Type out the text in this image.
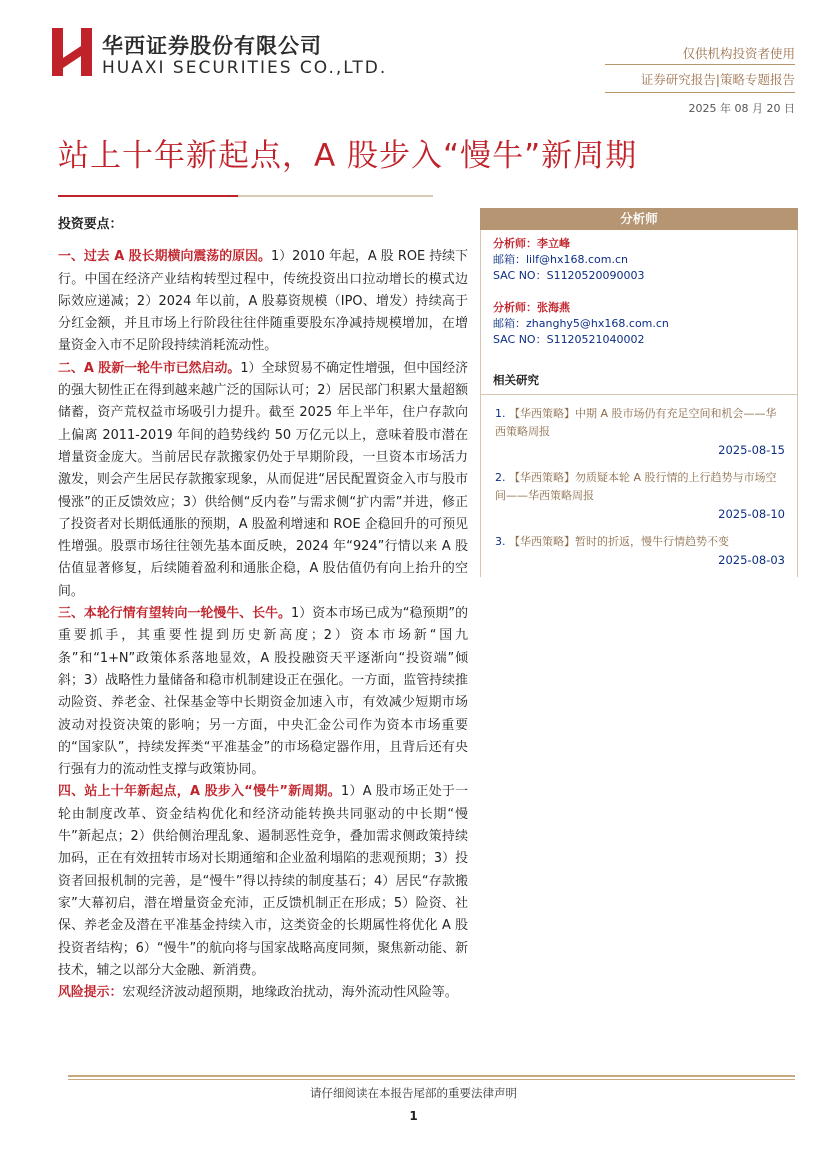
华西证券股份有限公司
HUAXI SECURITIES CO.,LTD.
仅供机构投资者使用
证券研究报告|策略专题报告
2025 年 08 月 20 日
站上十年新起点，A 股步入“慢牛”新周期
投资要点：

一、过去 A 股长期横向震荡的原因。1）2010 年起，A 股 ROE 持续下行。中国在经济产业结构转型过程中，传统投资出口拉动增长的模式边际效应递减；2）2024 年以前，A 股募资规模（IPO、增发）持续高于分红金额，并且市场上行阶段往往伴随重要股东净减持规模增加，在增量资金入市不足阶段持续消耗流动性。

二、A 股新一轮牛市已然启动。1）全球贸易不确定性增强，但中国经济的强大韧性正在得到越来越广泛的国际认可；2）居民部门积累大量超额储蓄，资产荒权益市场吸引力提升。截至 2025 年上半年，住户存款向上偏离 2011-2019 年间的趋势线约 50 万亿元以上，意味着股市潜在增量资金庞大。当前居民存款搬家仍处于早期阶段，一旦资本市场活力激发，则会产生居民存款搬家现象，从而促进“居民配置资金入市与股市慢涨”的正反馈效应；3）供给侧“反内卷”与需求侧“扩内需”并进，修正了投资者对长期低通胀的预期，A 股盈利增速和 ROE 企稳回升的可预见性增强。股票市场往往领先基本面反映，2024 年“924”行情以来 A 股估值显著修复，后续随着盈利和通胀企稳，A 股估值仍有向上抬升的空间。

三、本轮行情有望转向一轮慢牛、长牛。1）资本市场已成为“稳预期”的重要抓手，其重要性提到历史新高度；2）资本市场新“国九条”和“1+N”政策体系落地显效，A 股投融资天平逐渐向“投资端”倾斜；3）战略性力量储备和稳市机制建设正在强化。一方面，监管持续推动险资、养老金、社保基金等中长期资金加速入市，有效减少短期市场波动对投资决策的影响；另一方面，中央汇金公司作为资本市场重要的“国家队”，持续发挥类“平准基金”的市场稳定器作用，且背后还有央行强有力的流动性支撑与政策协同。

四、站上十年新起点，A 股步入“慢牛”新周期。1）A 股市场正处于一轮由制度改革、资金结构优化和经济动能转换共同驱动的中长期“慢牛”新起点；2）供给侧治理乱象、遏制恶性竞争，叠加需求侧政策持续加码，正在有效扭转市场对长期通缩和企业盈利塌陷的悲观预期；3）投资者回报机制的完善，是“慢牛”得以持续的制度基石；4）居民“存款搬家”大幕初启，潜在增量资金充沛，正反馈机制正在形成；5）险资、社保、养老金及潜在平准基金持续入市，这类资金的长期属性将优化 A 股投资者结构；6）“慢牛”的航向将与国家战略高度同频，聚焦新动能、新技术，辅之以部分大金融、新消费。

风险提示：宏观经济波动超预期，地缘政治扰动，海外流动性风险等。

分析师
分析师：李立峰
邮箱：lilf@hx168.com.cn
SAC NO：S1120520090003
分析师：张海燕
邮箱：zhanghy5@hx168.com.cn
SAC NO：S1120521040002
相关研究
1. 【华西策略】中期 A 股市场仍有充足空间和机会——华西策略周报
2025-08-15
2. 【华西策略】勿质疑本轮 A 股行情的上行趋势与市场空间——华西策略周报
2025-08-10
3. 【华西策略】暂时的折返，慢牛行情趋势不变
2025-08-03
请仔细阅读在本报告尾部的重要法律声明
1
